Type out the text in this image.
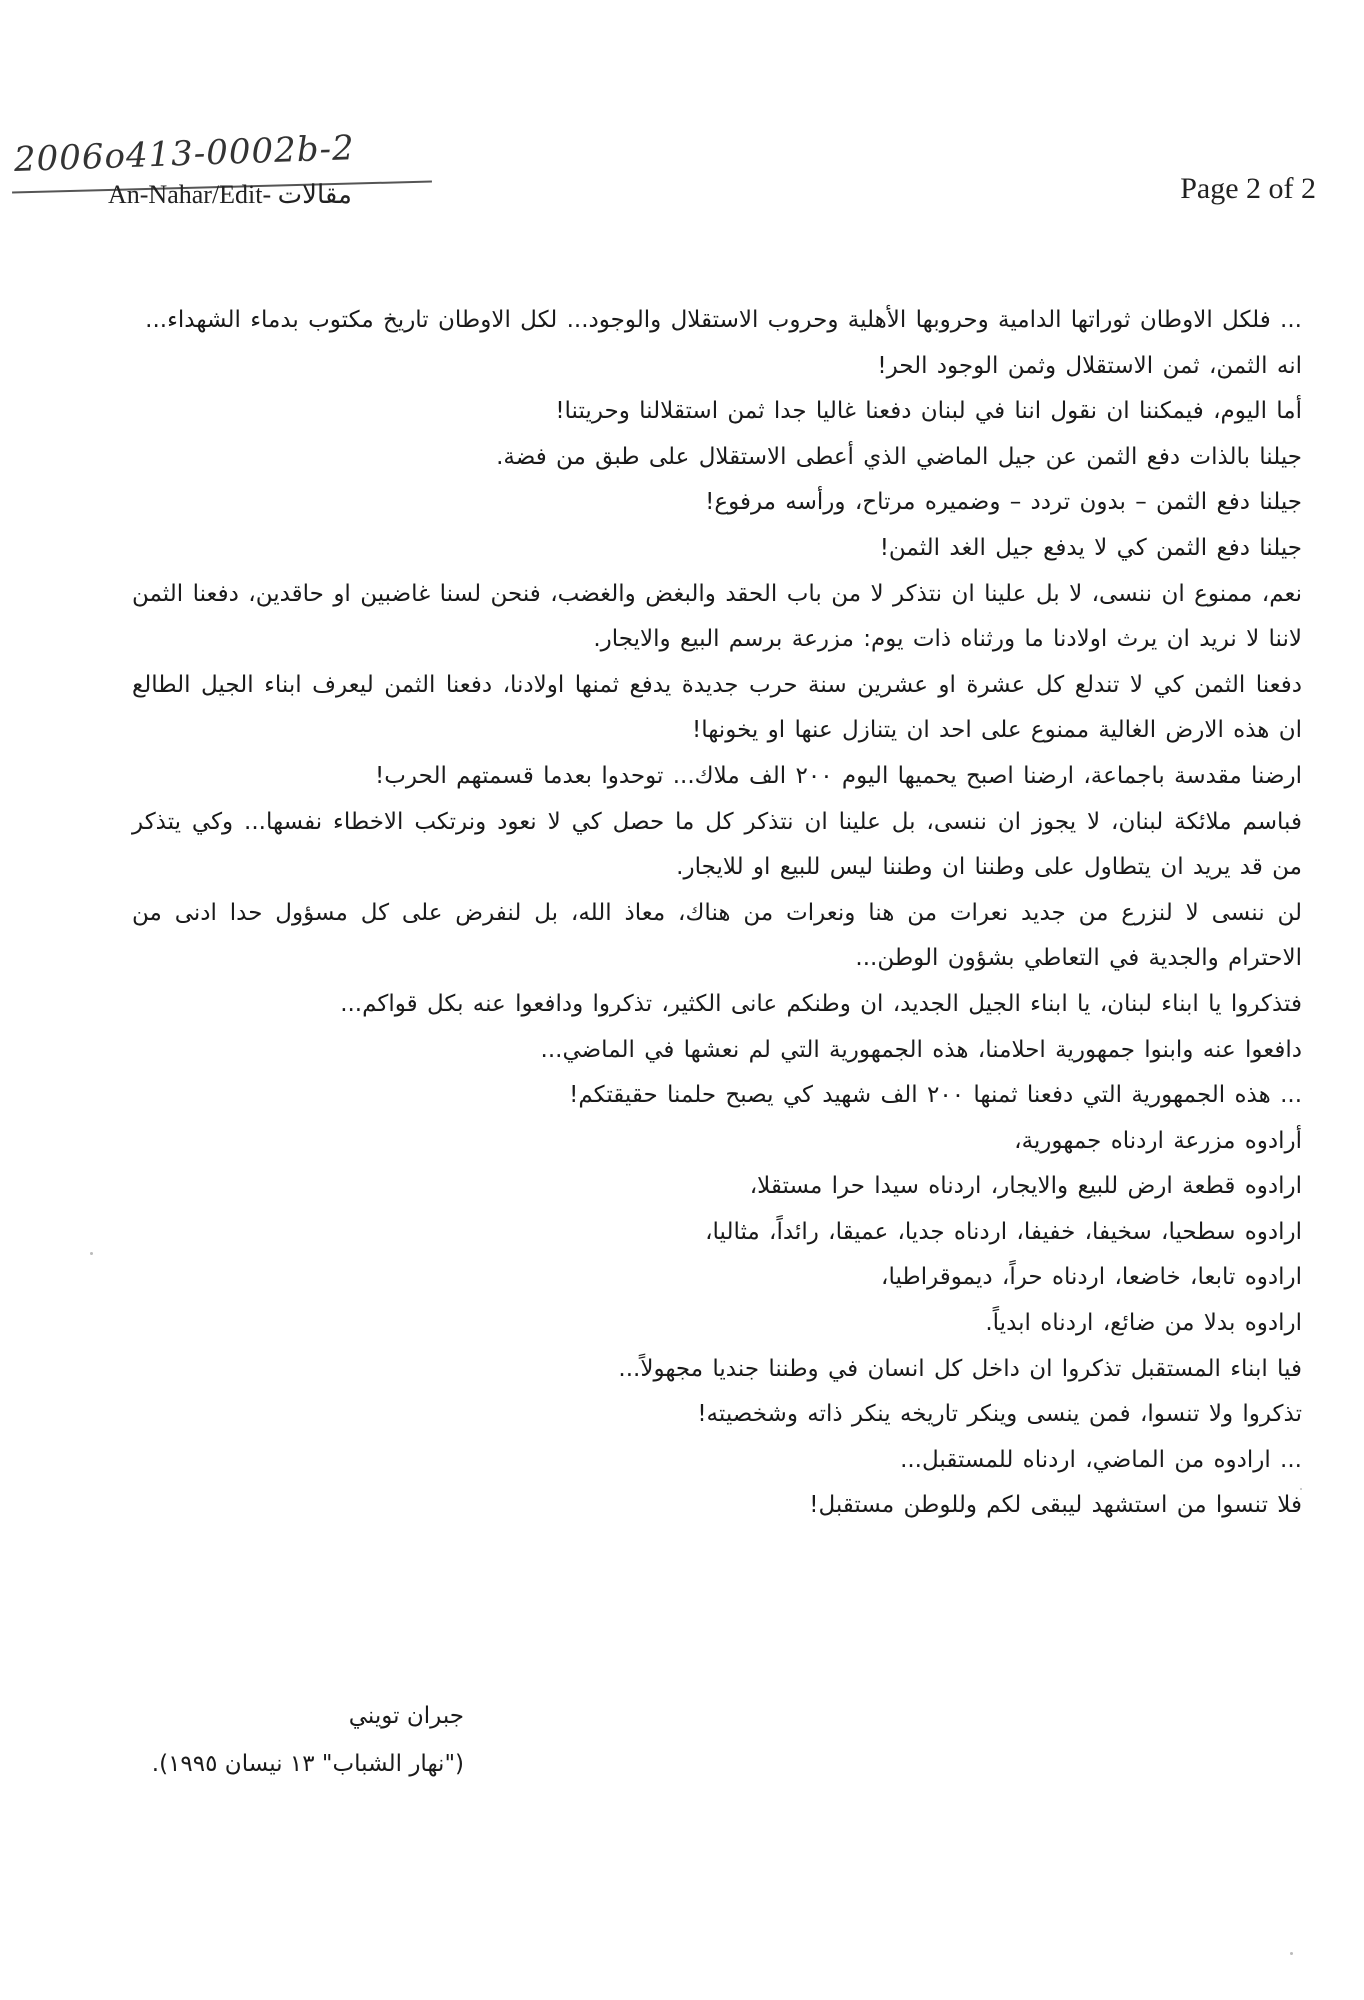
2006o413-0002b-2
An-Nahar/Edit- مقالات	Page 2 of 2

... فلكل الاوطان ثوراتها الدامية وحروبها الأهلية وحروب الاستقلال والوجود... لكل الاوطان تاريخ مكتوب بدماء الشهداء...

انه الثمن، ثمن الاستقلال وثمن الوجود الحر!

أما اليوم، فيمكننا ان نقول اننا في لبنان دفعنا غاليا جدا ثمن استقلالنا وحريتنا!

جيلنا بالذات دفع الثمن عن جيل الماضي الذي أعطى الاستقلال على طبق من فضة.

جيلنا دفع الثمن – بدون تردد – وضميره مرتاح، ورأسه مرفوع!

جيلنا دفع الثمن كي لا يدفع جيل الغد الثمن!

نعم، ممنوع ان ننسى، لا بل علينا ان نتذكر لا من باب الحقد والبغض والغضب، فنحن لسنا غاضبين او حاقدين، دفعنا الثمن لاننا لا نريد ان يرث اولادنا ما ورثناه ذات يوم: مزرعة برسم البيع والايجار.

دفعنا الثمن كي لا تندلع كل عشرة او عشرين سنة حرب جديدة يدفع ثمنها اولادنا، دفعنا الثمن ليعرف ابناء الجيل الطالع ان هذه الارض الغالية ممنوع على احد ان يتنازل عنها او يخونها!

ارضنا مقدسة باجماعة، ارضنا اصبح يحميها اليوم ٢٠٠ الف ملاك... توحدوا بعدما قسمتهم الحرب!

فباسم ملائكة لبنان، لا يجوز ان ننسى، بل علينا ان نتذكر كل ما حصل كي لا نعود ونرتكب الاخطاء نفسها... وكي يتذكر من قد يريد ان يتطاول على وطننا ان وطننا ليس للبيع او للايجار.

لن ننسى لا لنزرع من جديد نعرات من هنا ونعرات من هناك، معاذ الله، بل لنفرض على كل مسؤول حدا ادنى من الاحترام والجدية في التعاطي بشؤون الوطن...

فتذكروا يا ابناء لبنان، يا ابناء الجيل الجديد، ان وطنكم عانى الكثير، تذكروا ودافعوا عنه بكل قواكم...

دافعوا عنه وابنوا جمهورية احلامنا، هذه الجمهورية التي لم نعشها في الماضي...

... هذه الجمهورية التي دفعنا ثمنها ٢٠٠ الف شهيد كي يصبح حلمنا حقيقتكم!

أرادوه مزرعة اردناه جمهورية،

ارادوه قطعة ارض للبيع والايجار، اردناه سيدا حرا مستقلا،

ارادوه سطحيا، سخيفا، خفيفا، اردناه جديا، عميقا، رائداً، مثاليا،

ارادوه تابعا، خاضعا، اردناه حراً، ديموقراطيا،

ارادوه بدلا من ضائع، اردناه ابدياً.

فيا ابناء المستقبل تذكروا ان داخل كل انسان في وطننا جنديا مجهولاً...

تذكروا ولا تنسوا، فمن ينسى وينكر تاريخه ينكر ذاته وشخصيته!

... ارادوه من الماضي، اردناه للمستقبل...

فلا تنسوا من استشهد ليبقى لكم وللوطن مستقبل!

جبران تويني
("نهار الشباب" ١٣ نيسان ١٩٩٥).
